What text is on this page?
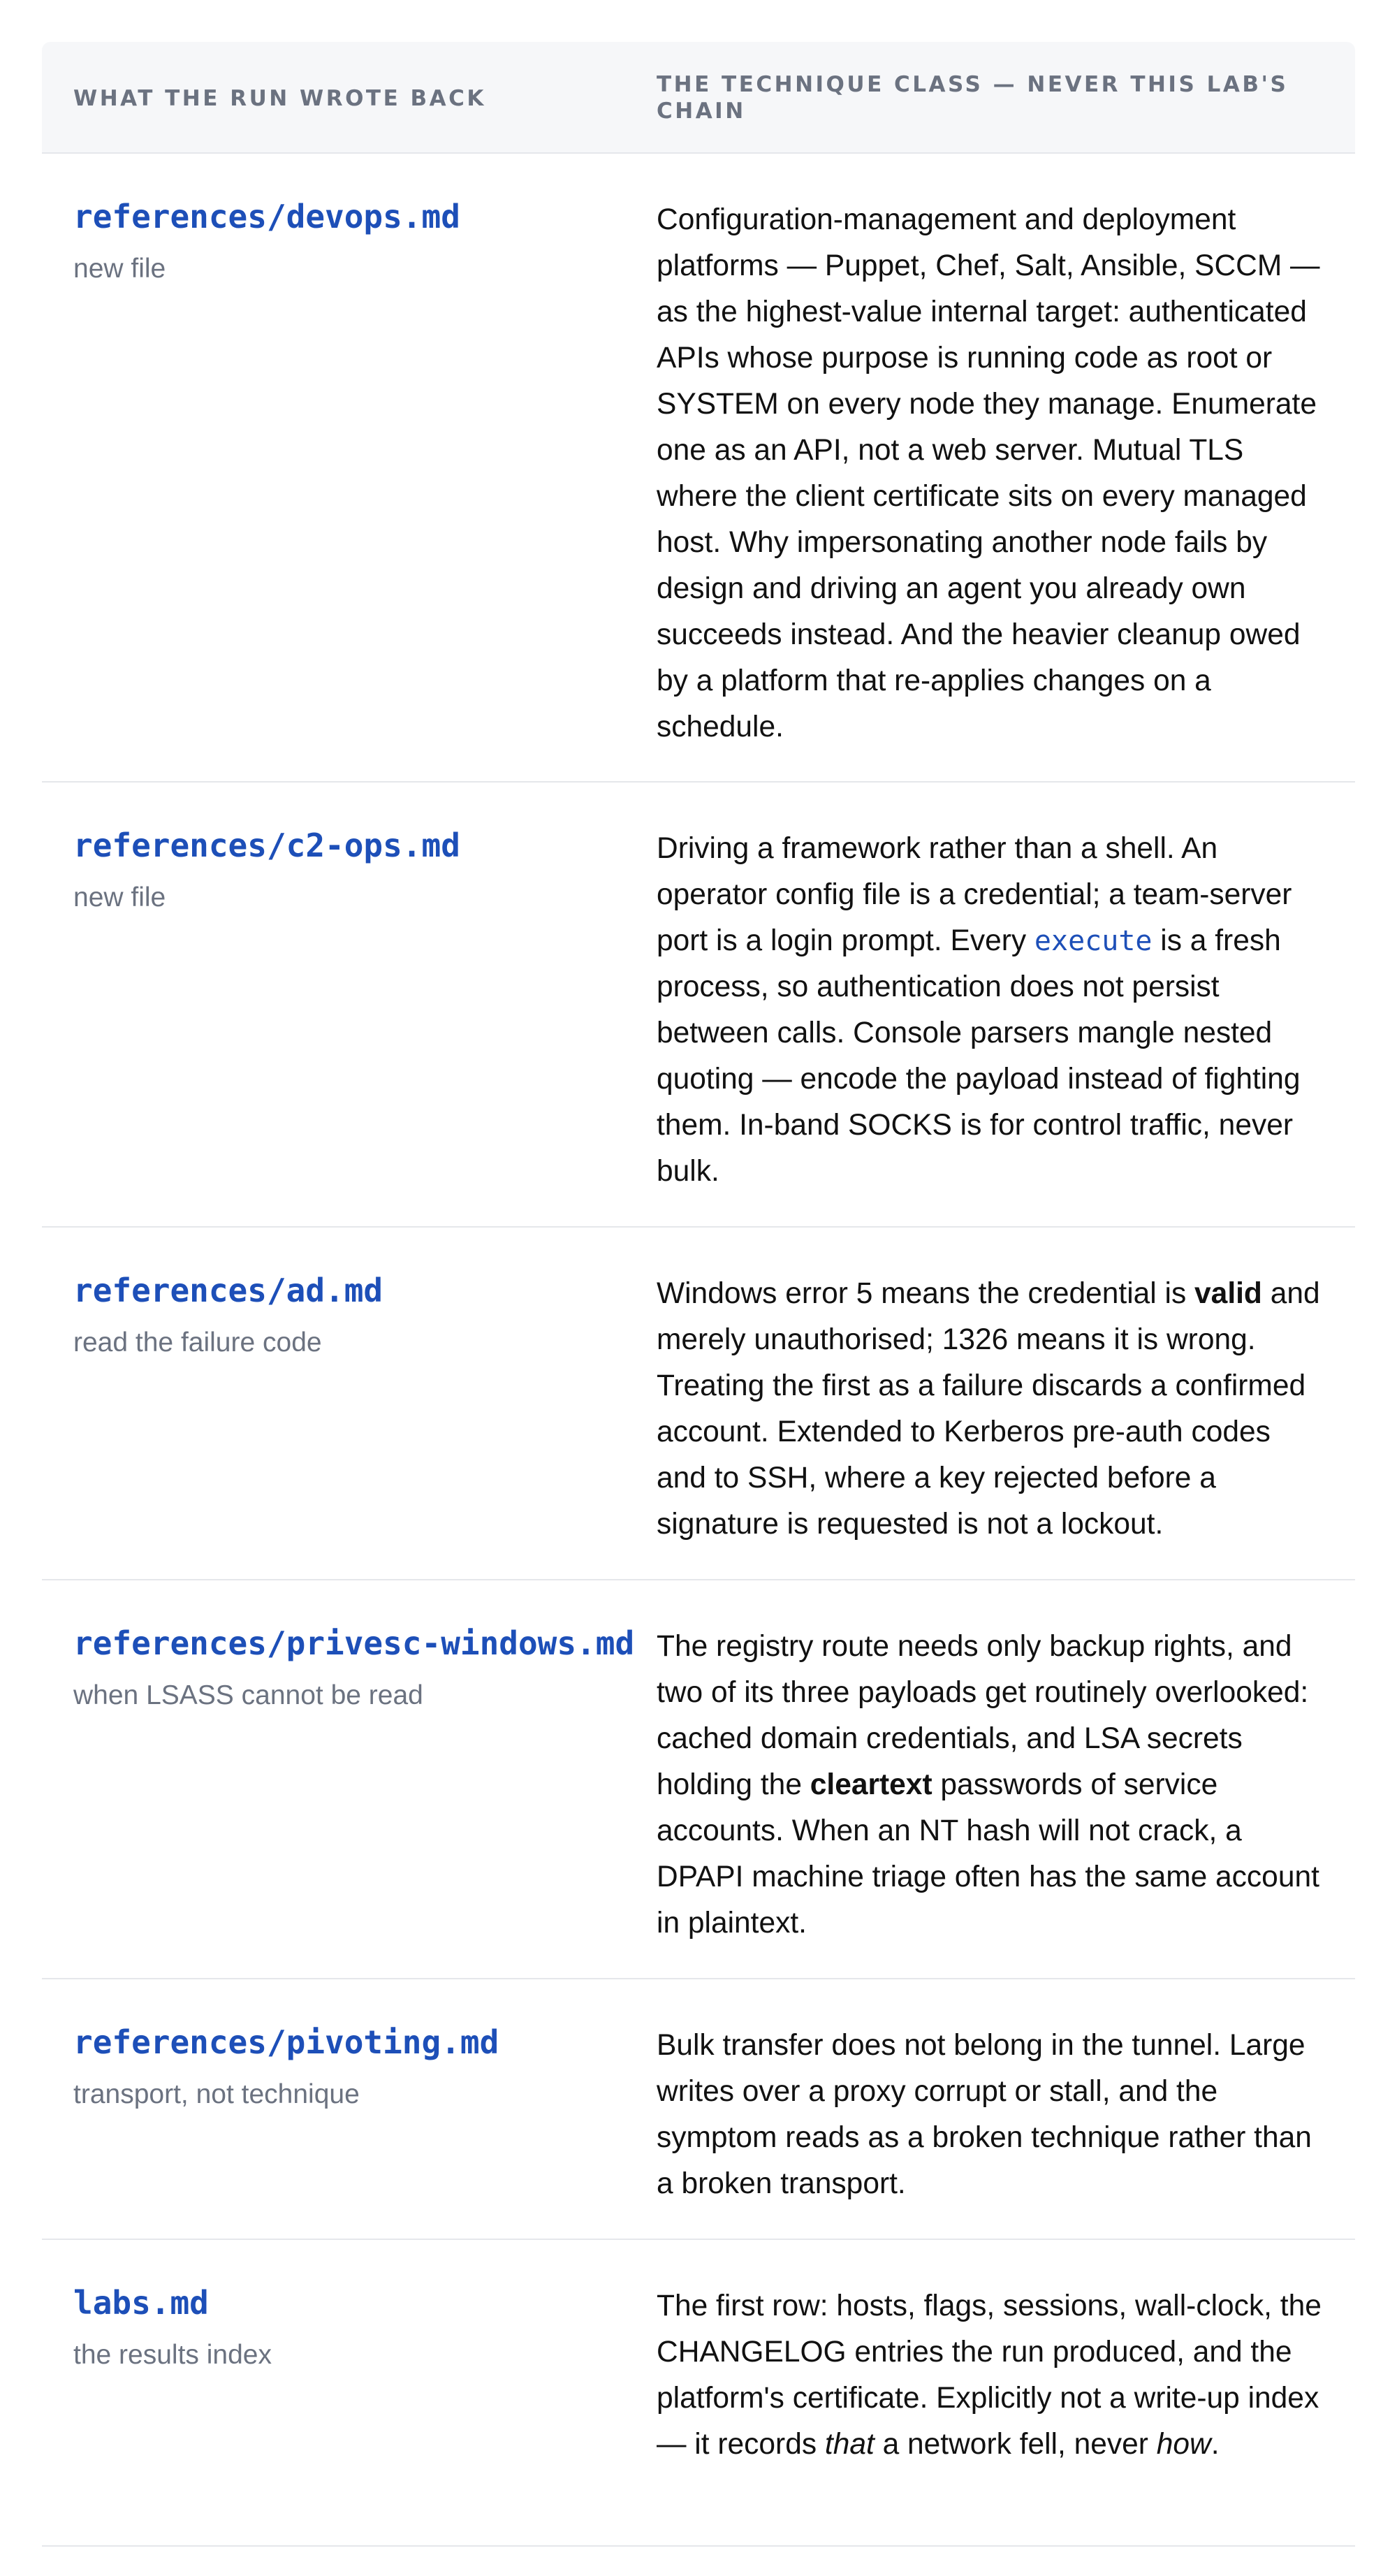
WHAT THE RUN WROTE BACK
THE TECHNIQUE CLASS — NEVER THIS LAB'S
CHAIN
references/devops.md
new file

Configuration-management and deployment platforms — Puppet, Chef, Salt, Ansible, SCCM — as the highest-value internal target: authenticated APIs whose purpose is running code as root or SYSTEM on every node they manage. Enumerate one as an API, not a web server. Mutual TLS where the client certificate sits on every managed host. Why impersonating another node fails by design and driving an agent you already own succeeds instead. And the heavier cleanup owed by a platform that re-applies changes on a schedule.

references/c2-ops.md
new file

Driving a framework rather than a shell. An operator config file is a credential; a team-server port is a login prompt. Every execute is a fresh process, so authentication does not persist between calls. Console parsers mangle nested quoting — encode the payload instead of fighting them. In-band SOCKS is for control traffic, never bulk.

references/ad.md
read the failure code

Windows error 5 means the credential is valid and merely unauthorised; 1326 means it is wrong. Treating the first as a failure discards a confirmed account. Extended to Kerberos pre-auth codes and to SSH, where a key rejected before a signature is requested is not a lockout.

references/privesc-windows.md
when LSASS cannot be read

The registry route needs only backup rights, and two of its three payloads get routinely overlooked: cached domain credentials, and LSA secrets holding the cleartext passwords of service accounts. When an NT hash will not crack, a DPAPI machine triage often has the same account in plaintext.

references/pivoting.md
transport, not technique

Bulk transfer does not belong in the tunnel. Large writes over a proxy corrupt or stall, and the symptom reads as a broken technique rather than a broken transport.

labs.md
the results index

The first row: hosts, flags, sessions, wall-clock, the CHANGELOG entries the run produced, and the platform's certificate. Explicitly not a write-up index — it records that a network fell, never how.
